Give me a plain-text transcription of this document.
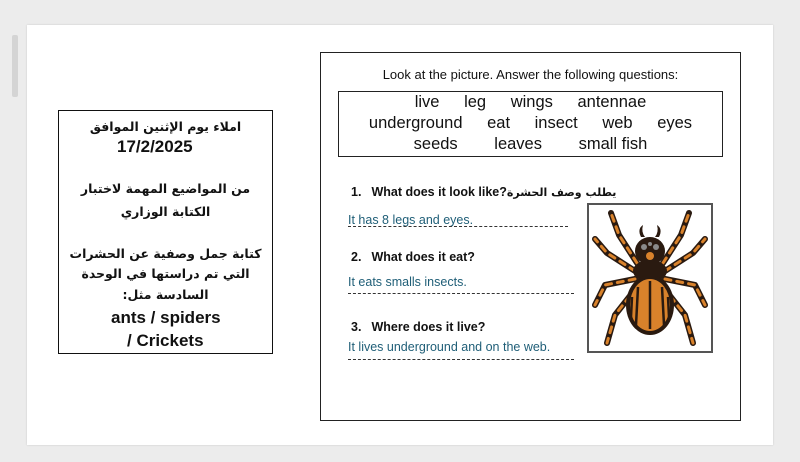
املاء يوم الإثنين الموافق
17/2/2025
من المواضيع المهمة لاختبار
الكتابة الوزاري
كتابة جمل وصفية عن الحشرات
التي تم دراستها في الوحدة
السادسة مثل:
ants / spiders
/ Crickets
Look at the picture. Answer the following questions:
live leg wings antennae
underground eat insect web eyes
seeds leaves small fish
1. What does it look like?يطلب وصف الحشرة
It has 8 legs and eyes.
2. What does it eat?
It eats smalls insects.
3. Where does it live?
It lives underground and on the web.
